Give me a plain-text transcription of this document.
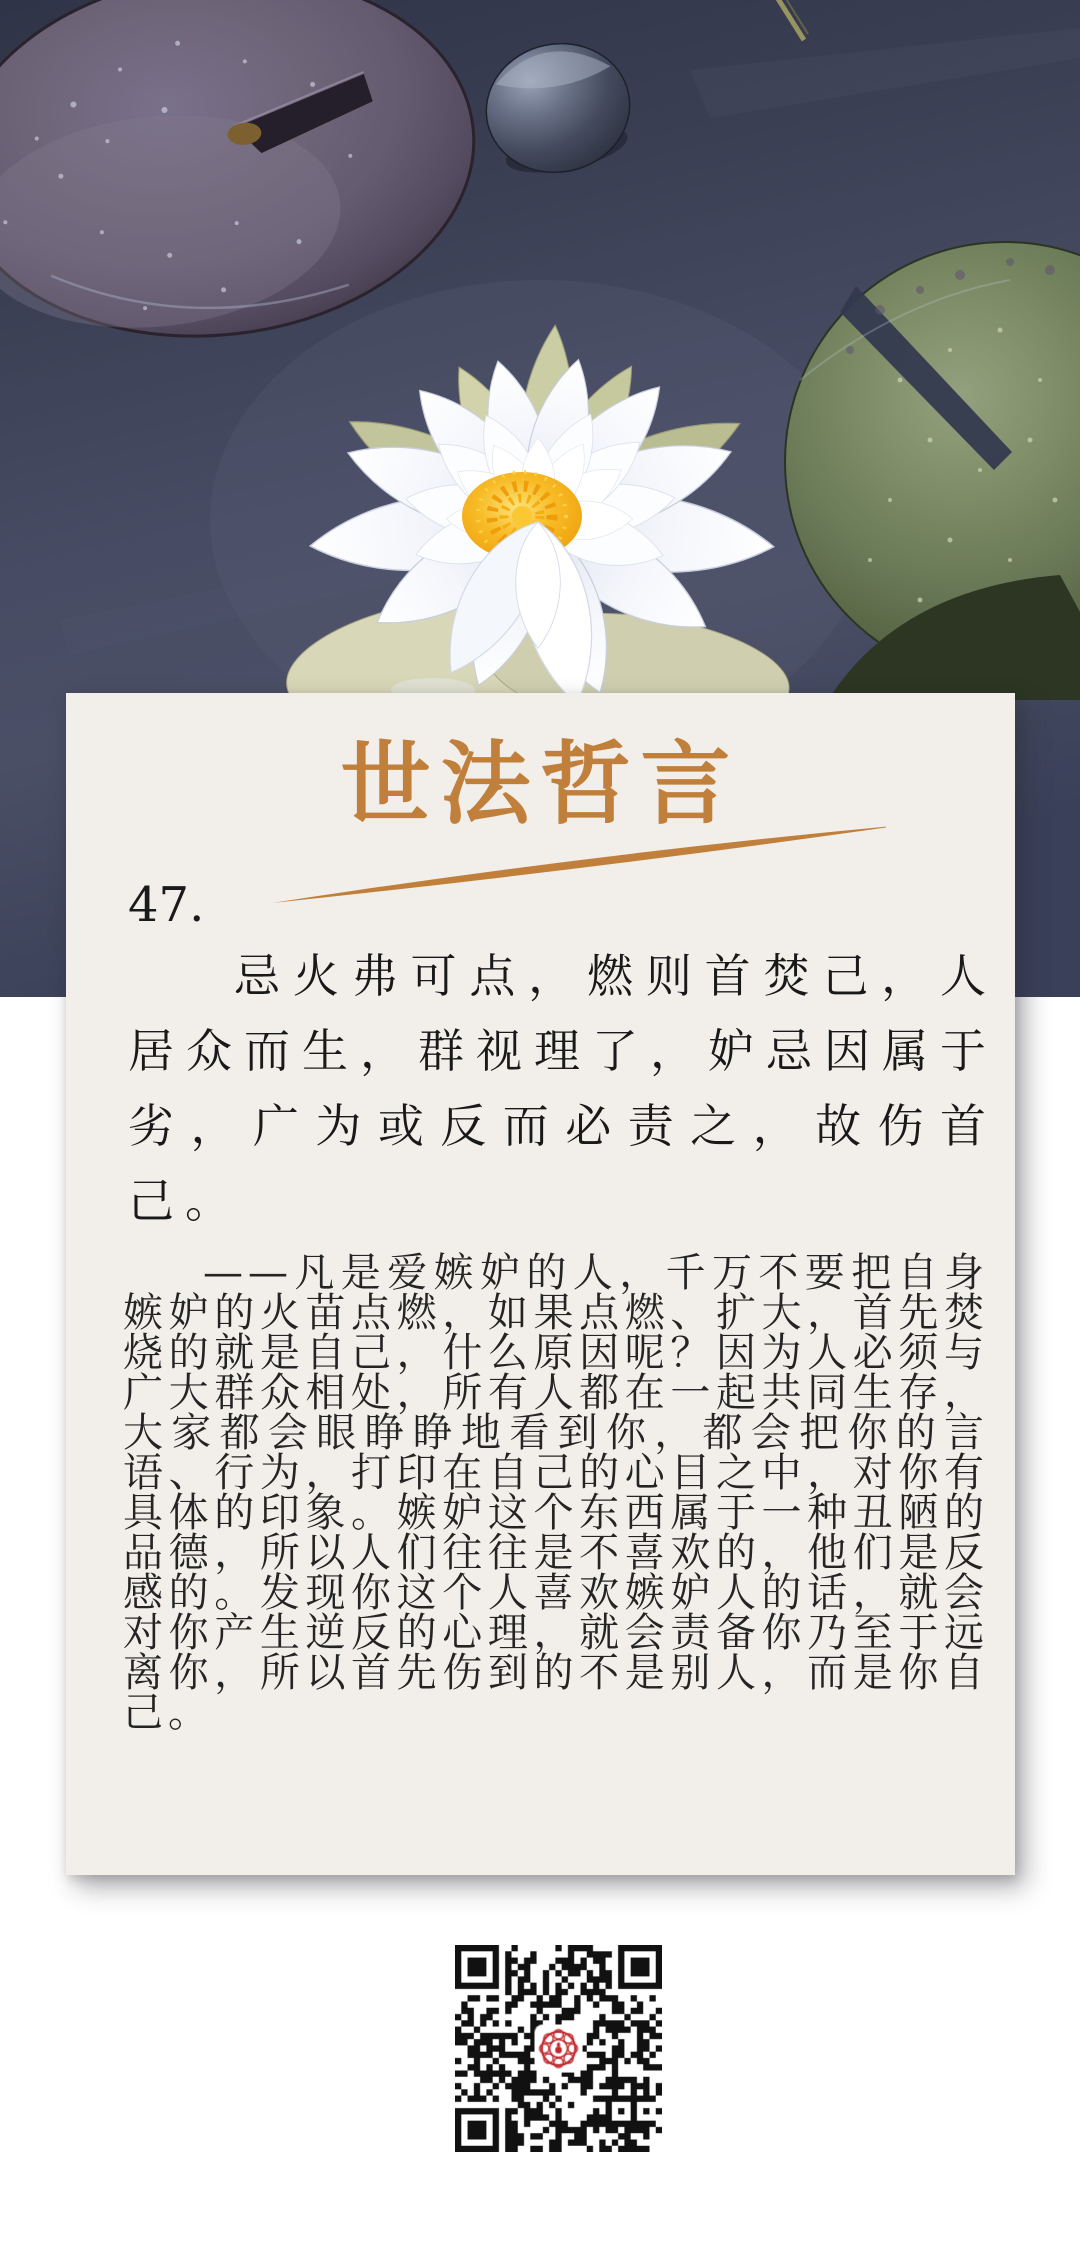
世法哲言
47.
忌火弗可点，燃则首焚己，人
居众而生，群视理了，妒忌因属于
劣，广为或反而必责之，故伤首
己。
——凡是爱嫉妒的人，千万不要把自身嫉妒的火苗点燃，如果点燃、扩大，首先焚烧的就是自己，什么原因呢？因为人必须与广大群众相处，所有人都在一起共同生存，大家都会眼睁睁地看到你，都会把你的言语、行为，打印在自己的心目之中，对你有具体的印象。嫉妒这个东西属于一种丑陋的品德，所以人们往往是不喜欢的，他们是反感的。发现你这个人喜欢嫉妒人的话，就会对你产生逆反的心理，就会责备你乃至于远离你，所以首先伤到的不是别人，而是你自己。
